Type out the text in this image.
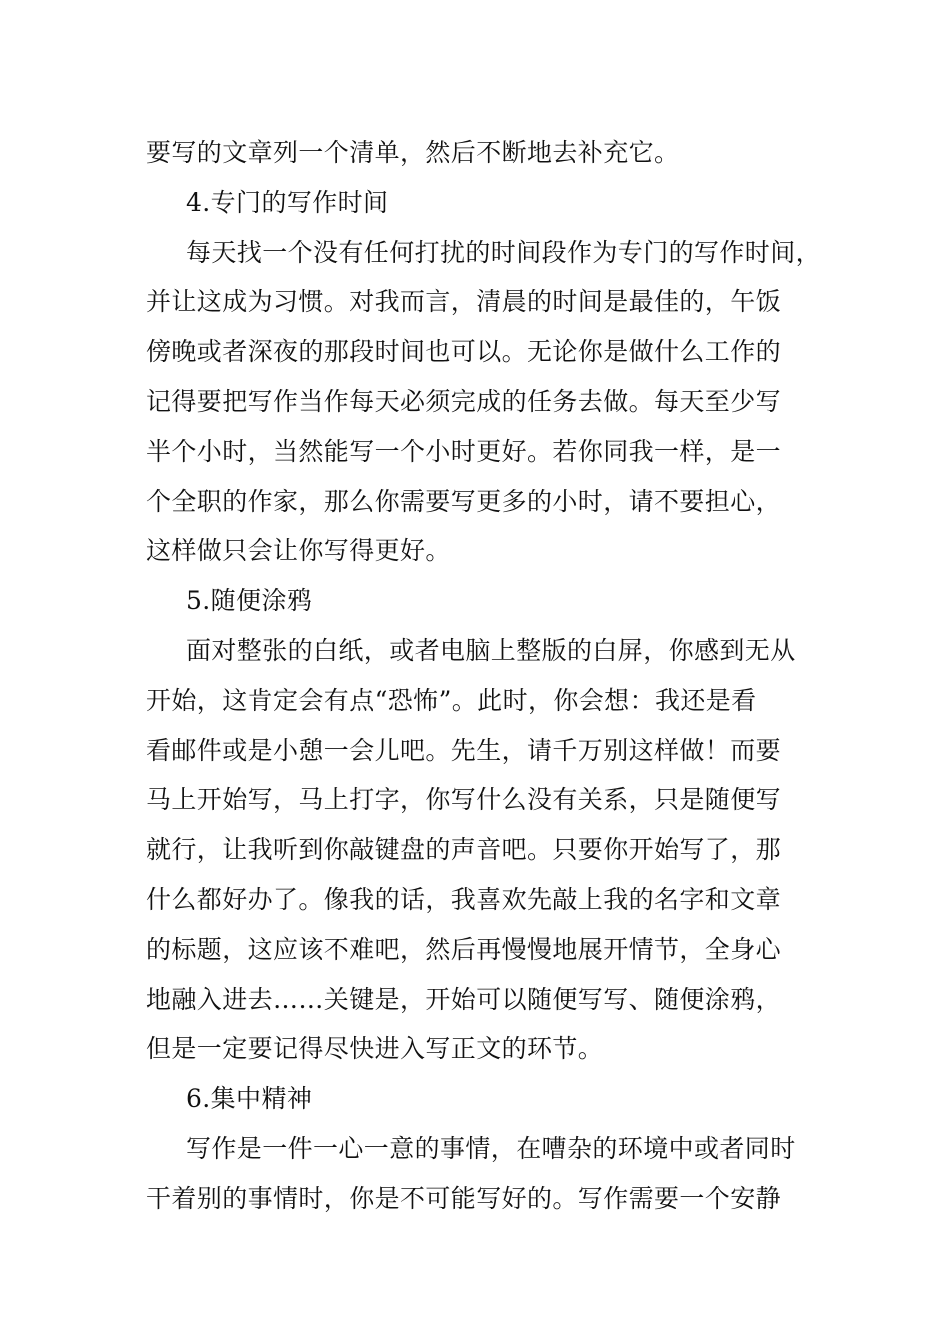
要写的文章列一个清单，然后不断地去补充它。
4.专门的写作时间
每天找一个没有任何打扰的时间段作为专门的写作时间，
并让这成为习惯。对我而言，清晨的时间是最佳的，午饭
傍晚或者深夜的那段时间也可以。无论你是做什么工作的
记得要把写作当作每天必须完成的任务去做。每天至少写
半个小时，当然能写一个小时更好。若你同我一样，是一
个全职的作家，那么你需要写更多的小时，请不要担心，
这样做只会让你写得更好。
5.随便涂鸦
面对整张的白纸，或者电脑上整版的白屏，你感到无从
开始，这肯定会有点“恐怖”。此时，你会想：我还是看
看邮件或是小憩一会儿吧。先生，请千万别这样做！而要
马上开始写，马上打字，你写什么没有关系，只是随便写
就行，让我听到你敲键盘的声音吧。只要你开始写了，那
什么都好办了。像我的话，我喜欢先敲上我的名字和文章
的标题，这应该不难吧，然后再慢慢地展开情节，全身心
地融入进去……关键是，开始可以随便写写、随便涂鸦，
但是一定要记得尽快进入写正文的环节。
6.集中精神
写作是一件一心一意的事情，在嘈杂的环境中或者同时
干着别的事情时，你是不可能写好的。写作需要一个安静
